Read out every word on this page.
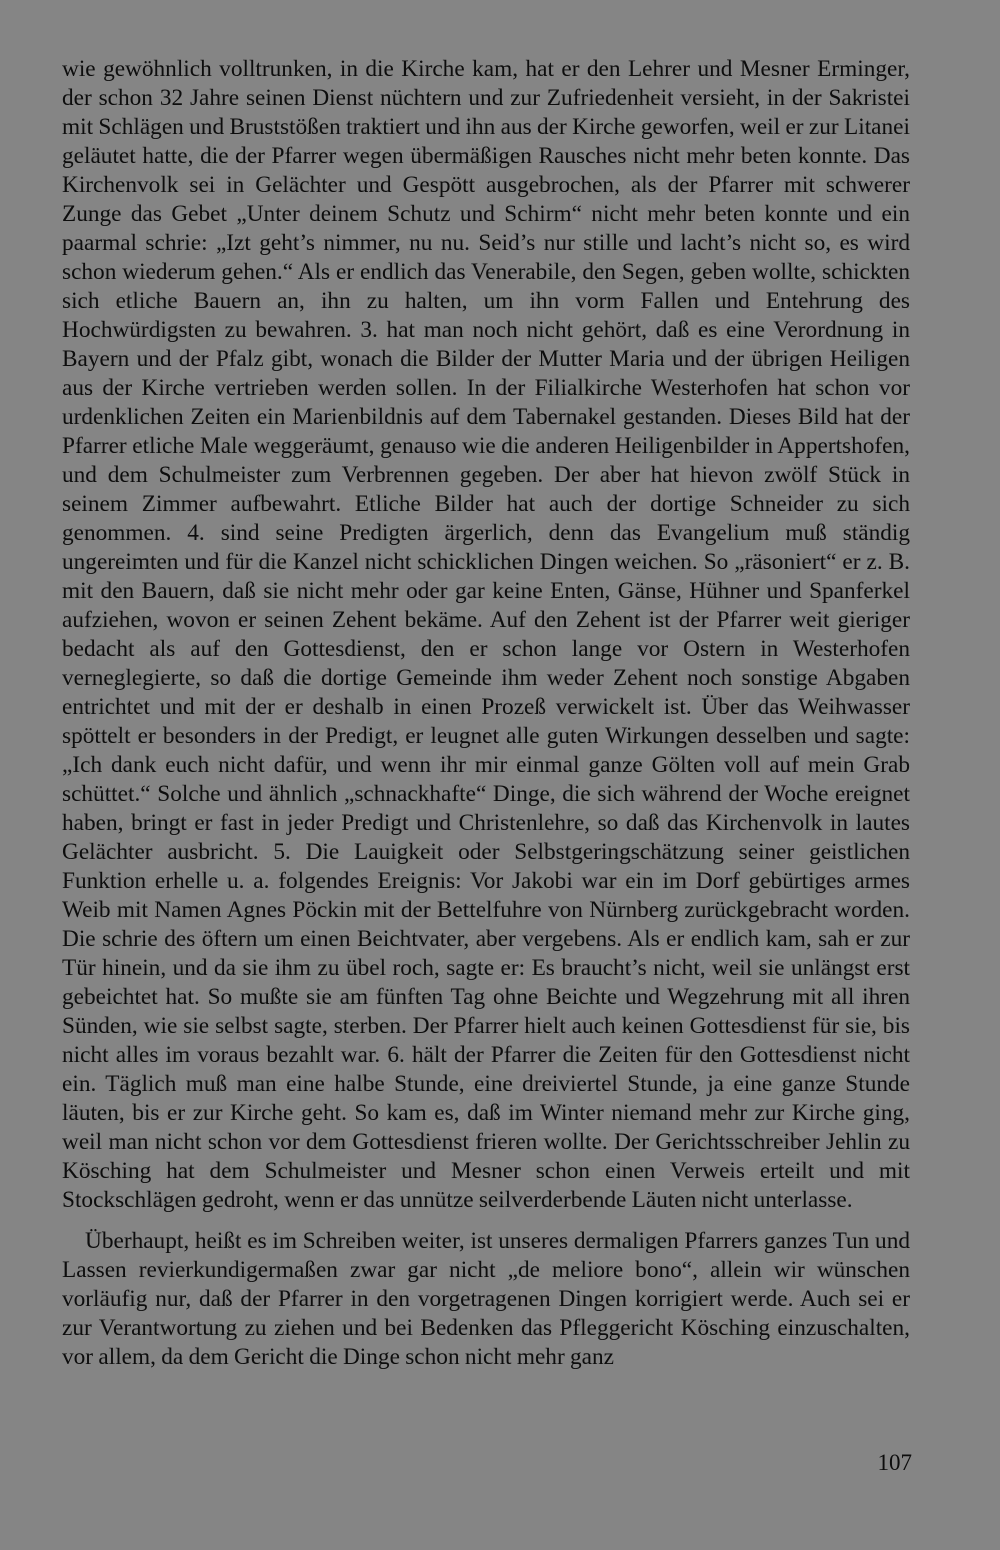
wie gewöhnlich volltrunken, in die Kirche kam, hat er den Lehrer und Mesner Erminger, der schon 32 Jahre seinen Dienst nüchtern und zur Zufriedenheit versieht, in der Sakristei mit Schlägen und Bruststößen traktiert und ihn aus der Kirche geworfen, weil er zur Litanei geläutet hatte, die der Pfarrer wegen übermäßigen Rausches nicht mehr beten konnte. Das Kirchenvolk sei in Gelächter und Gespött ausgebrochen, als der Pfarrer mit schwerer Zunge das Gebet „Unter deinem Schutz und Schirm“ nicht mehr beten konnte und ein paarmal schrie: „Izt geht’s nimmer, nu nu. Seid’s nur stille und lacht’s nicht so, es wird schon wiederum gehen.“ Als er endlich das Venerabile, den Segen, geben wollte, schickten sich etliche Bauern an, ihn zu halten, um ihn vorm Fallen und Entehrung des Hochwürdigsten zu bewahren. 3. hat man noch nicht gehört, daß es eine Verordnung in Bayern und der Pfalz gibt, wonach die Bilder der Mutter Maria und der übrigen Heiligen aus der Kirche vertrieben werden sollen. In der Filialkirche Westerhofen hat schon vor urdenklichen Zeiten ein Marienbildnis auf dem Tabernakel gestanden. Dieses Bild hat der Pfarrer etliche Male weggeräumt, genauso wie die anderen Heiligenbilder in Appertshofen, und dem Schulmeister zum Verbrennen gegeben. Der aber hat hievon zwölf Stück in seinem Zimmer aufbewahrt. Etliche Bilder hat auch der dortige Schneider zu sich genommen. 4. sind seine Predigten ärgerlich, denn das Evangelium muß ständig ungereimten und für die Kanzel nicht schicklichen Dingen weichen. So „räsoniert“ er z. B. mit den Bauern, daß sie nicht mehr oder gar keine Enten, Gänse, Hühner und Spanferkel aufziehen, wovon er seinen Zehent bekäme. Auf den Zehent ist der Pfarrer weit gieriger bedacht als auf den Gottesdienst, den er schon lange vor Ostern in Westerhofen verneglegierte, so daß die dortige Gemeinde ihm weder Zehent noch sonstige Abgaben entrichtet und mit der er deshalb in einen Prozeß verwickelt ist. Über das Weihwasser spöttelt er besonders in der Predigt, er leugnet alle guten Wirkungen desselben und sagte: „Ich dank euch nicht dafür, und wenn ihr mir einmal ganze Gölten voll auf mein Grab schüttet.“ Solche und ähnlich „schnackhafte“ Dinge, die sich während der Woche ereignet haben, bringt er fast in jeder Predigt und Christenlehre, so daß das Kirchenvolk in lautes Gelächter ausbricht. 5. Die Lauigkeit oder Selbstgeringschätzung seiner geistlichen Funktion erhelle u. a. folgendes Ereignis: Vor Jakobi war ein im Dorf gebürtiges armes Weib mit Namen Agnes Pöckin mit der Bettelfuhre von Nürnberg zurückgebracht worden. Die schrie des öftern um einen Beichtvater, aber vergebens. Als er endlich kam, sah er zur Tür hinein, und da sie ihm zu übel roch, sagte er: Es braucht’s nicht, weil sie unlängst erst gebeichtet hat. So mußte sie am fünften Tag ohne Beichte und Wegzehrung mit all ihren Sünden, wie sie selbst sagte, sterben. Der Pfarrer hielt auch keinen Gottesdienst für sie, bis nicht alles im voraus bezahlt war. 6. hält der Pfarrer die Zeiten für den Gottesdienst nicht ein. Täglich muß man eine halbe Stunde, eine dreiviertel Stunde, ja eine ganze Stunde läuten, bis er zur Kirche geht. So kam es, daß im Winter niemand mehr zur Kirche ging, weil man nicht schon vor dem Gottesdienst frieren wollte. Der Gerichtsschreiber Jehlin zu Kösching hat dem Schulmeister und Mesner schon einen Verweis erteilt und mit Stockschlägen gedroht, wenn er das unnütze seilverderbende Läuten nicht unterlasse.

Überhaupt, heißt es im Schreiben weiter, ist unseres dermaligen Pfarrers ganzes Tun und Lassen revierkundigermaßen zwar gar nicht „de meliore bono“, allein wir wünschen vorläufig nur, daß der Pfarrer in den vorgetragenen Dingen korrigiert werde. Auch sei er zur Verantwortung zu ziehen und bei Bedenken das Pfleggericht Kösching einzuschalten, vor allem, da dem Gericht die Dinge schon nicht mehr ganz

107
